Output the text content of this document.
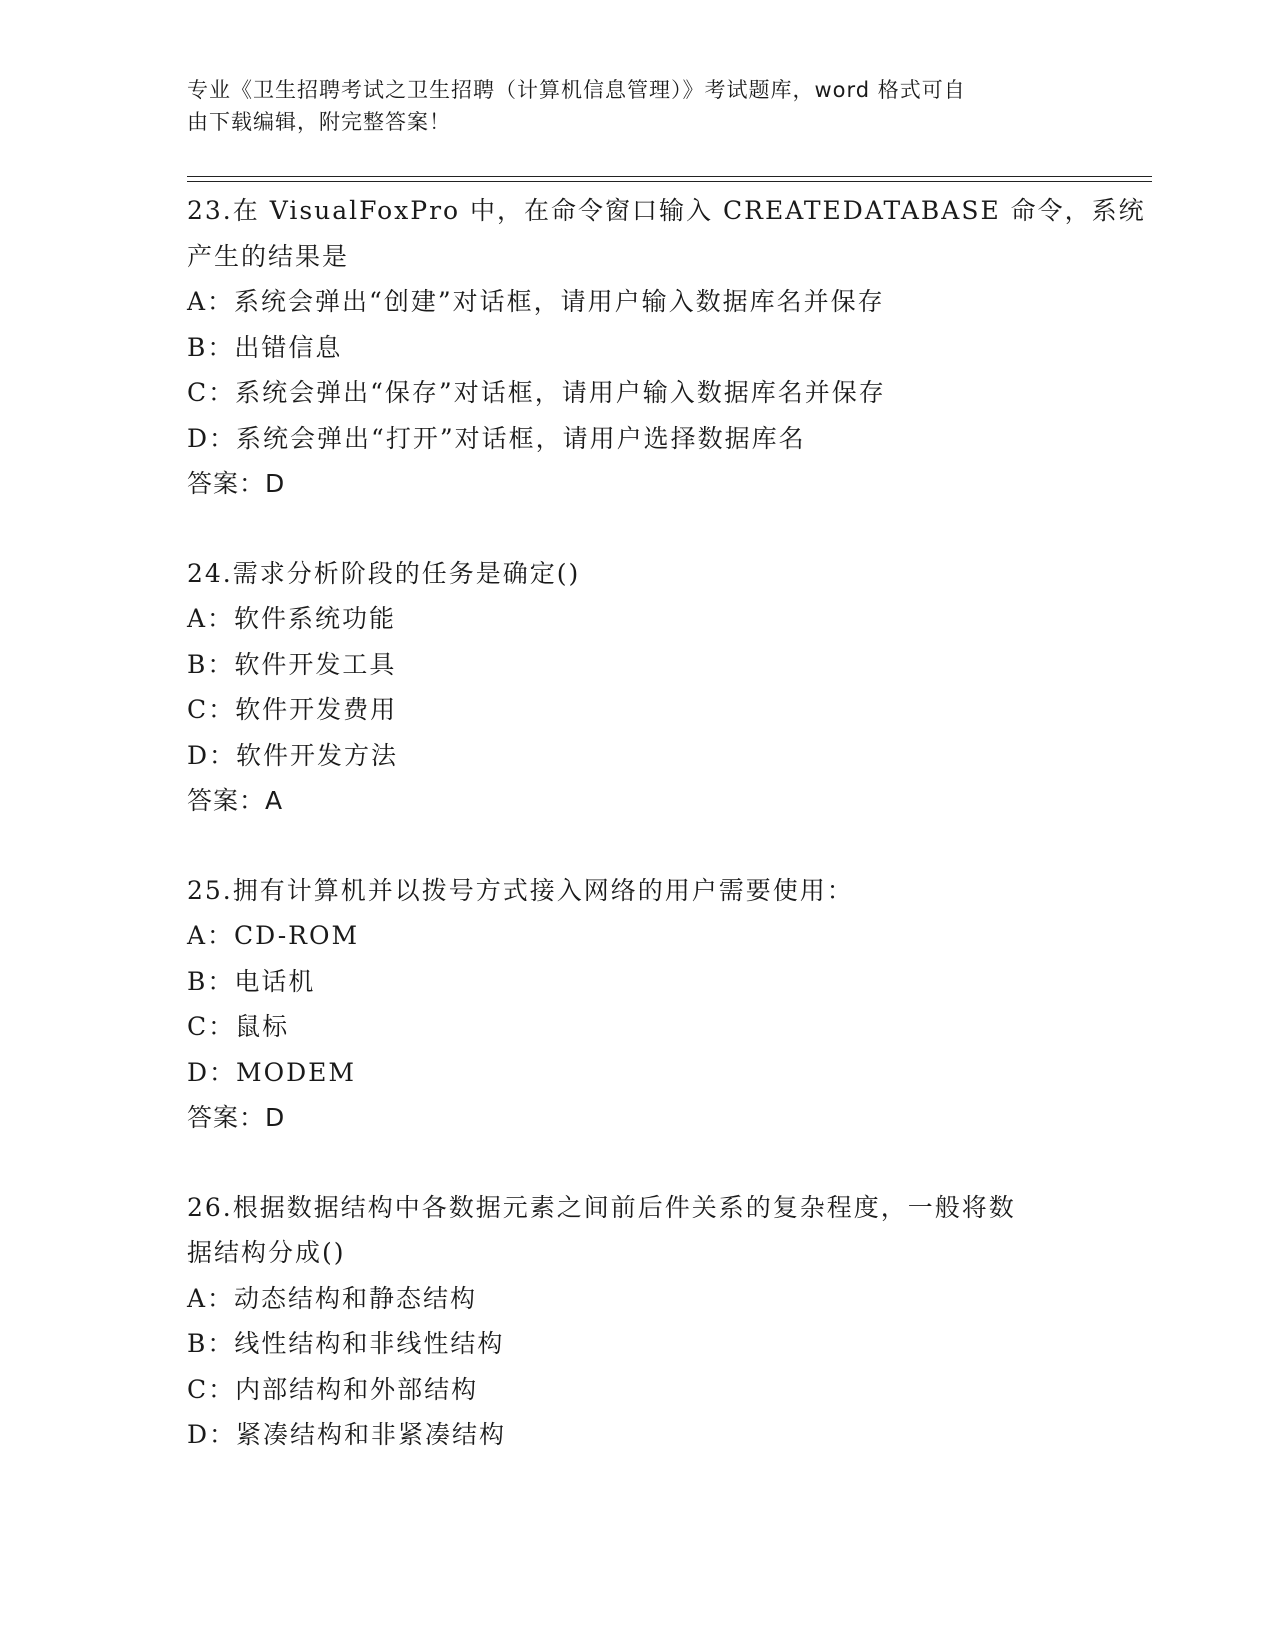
专业《卫生招聘考试之卫生招聘（计算机信息管理）》考试题库，word 格式可自

由下载编辑，附完整答案！

23.在 VisualFoxPro 中，在命令窗口输入 CREATEDATABASE 命令，系统
产生的结果是
A：系统会弹出“创建”对话框，请用户输入数据库名并保存
B：出错信息
C：系统会弹出“保存”对话框，请用户输入数据库名并保存
D：系统会弹出“打开”对话框，请用户选择数据库名
答案：D
24.需求分析阶段的任务是确定()
A：软件系统功能
B：软件开发工具
C：软件开发费用
D：软件开发方法
答案：A
25.拥有计算机并以拨号方式接入网络的用户需要使用：
A：CD-ROM
B：电话机
C：鼠标
D：MODEM
答案：D
26.根据数据结构中各数据元素之间前后件关系的复杂程度，一般将数
据结构分成()
A：动态结构和静态结构
B：线性结构和非线性结构
C：内部结构和外部结构
D：紧凑结构和非紧凑结构
